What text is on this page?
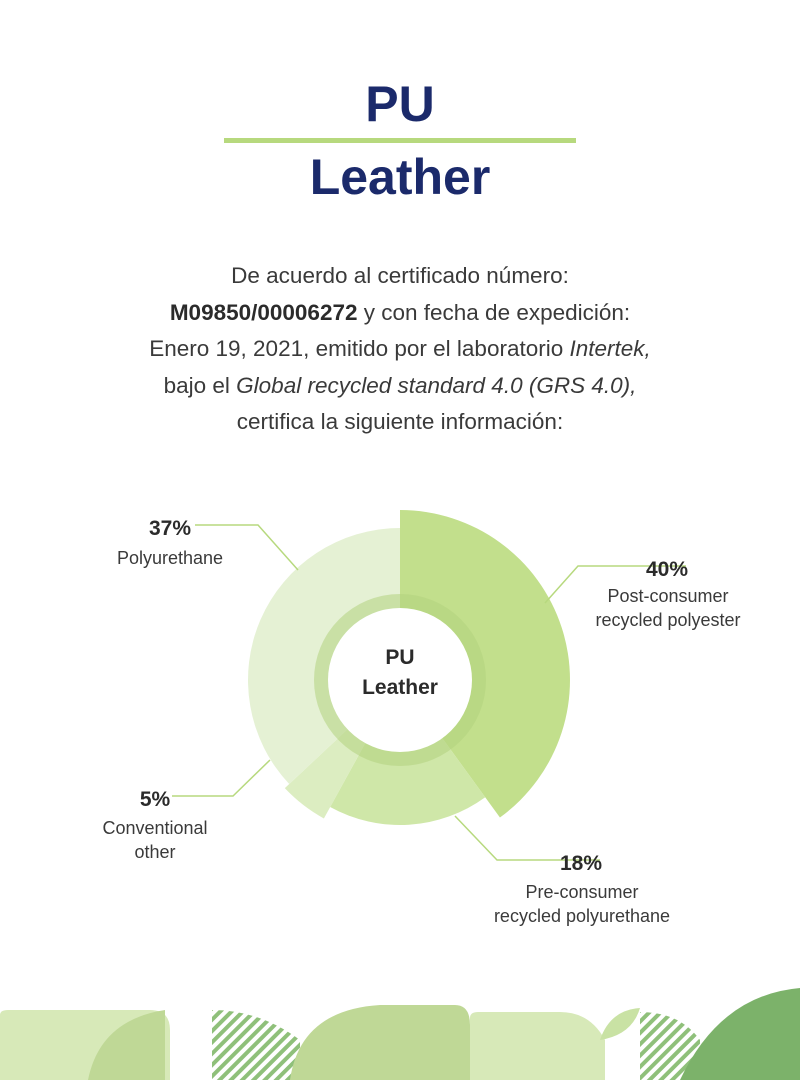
PU
Leather
De acuerdo al certificado número:
M09850/00006272 y con fecha de expedición:
Enero 19, 2021, emitido por el laboratorio Intertek,
bajo el Global recycled standard 4.0 (GRS 4.0),
certifica la siguiente información:
PU
Leather
40%
Post-consumer
recycled polyester
18%
Pre-consumer
recycled polyurethane
5%
Conventional
other
37%
Polyurethane
